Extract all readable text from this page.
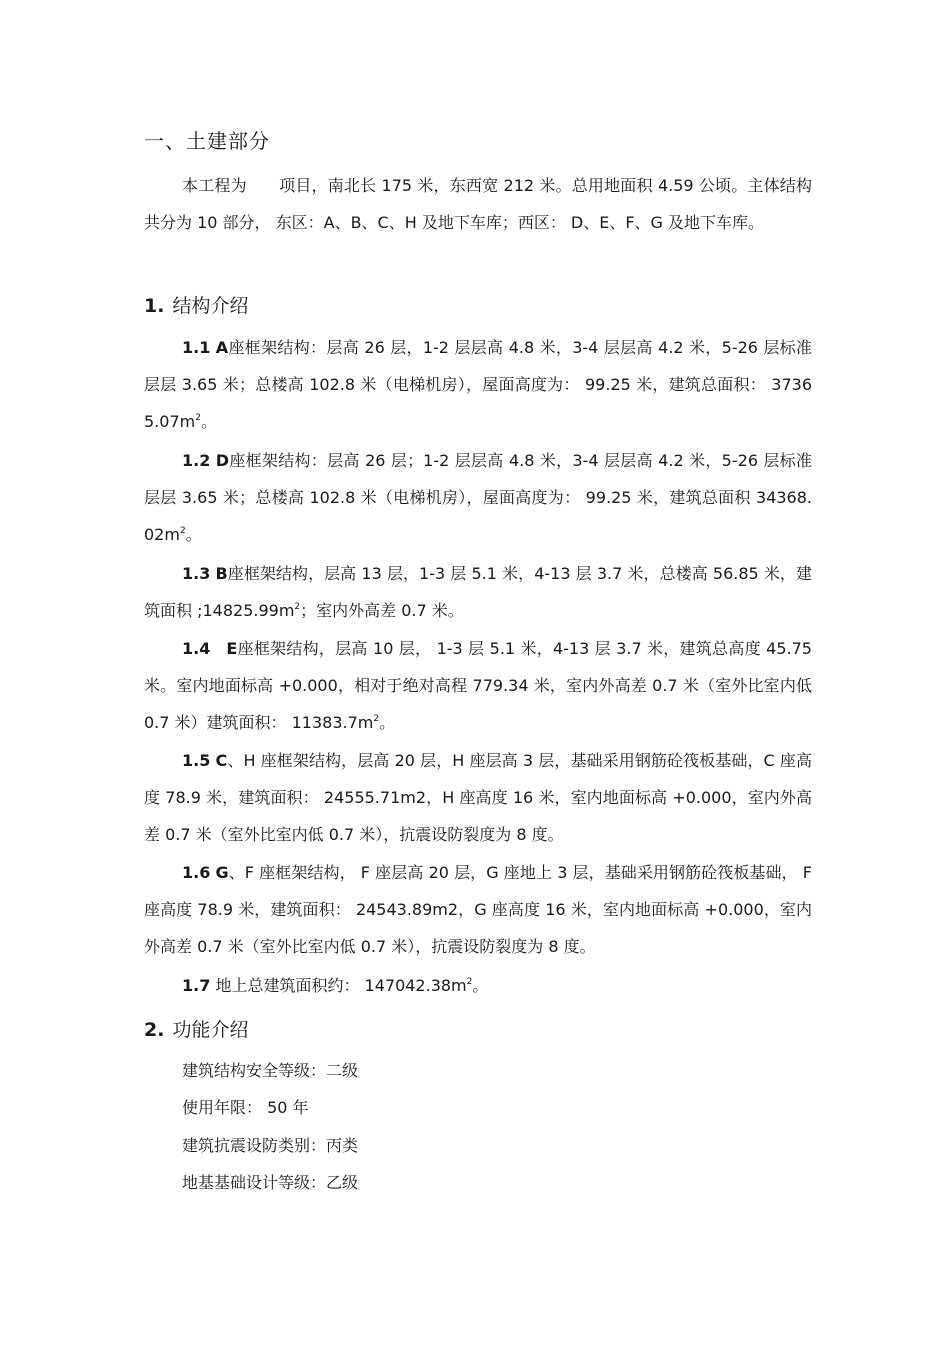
一、土建部分
本工程为　　项目，南北长 175 米，东西宽 212 米。总用地面积 4.59 公顷。主体结构共分为 10 部分， 东区：A、B、C、H 及地下车库；西区： D、E、F、G 及地下车库。
1. 结构介绍
1.1 A座框架结构：层高 26 层，1-2 层层高 4.8 米，3-4 层层高 4.2 米，5-26 层标准层层 3.65 米；总楼高 102.8 米（电梯机房），屋面高度为： 99.25 米，建筑总面积： $37365.07m^2$。
1.2 D座框架结构：层高 26 层；1-2 层层高 4.8 米，3-4 层层高 4.2 米，5-26 层标准层层 3.65 米；总楼高 102.8 米（电梯机房），屋面高度为： 99.25 米，建筑总面积 $34368.02m^2$。
1.3 B座框架结构，层高 13 层，1-3 层 5.1 米，4-13 层 3.7 米，总楼高 56.85 米，建筑面积 $;14825.99m^2$；室内外高差 0.7 米。
1.4 E座框架结构，层高 10 层， 1-3 层 5.1 米，4-13 层 3.7 米，建筑总高度 45.75 米。室内地面标高 +0.000，相对于绝对高程 779.34 米，室内外高差 0.7 米（室外比室内低 0.7 米）建筑面积： $11383.7m^2$。
1.5 C、H 座框架结构，层高 20 层，H 座层高 3 层，基础采用钢筋砼筏板基础，C 座高度 78.9 米，建筑面积： 24555.71m2，H 座高度 16 米，室内地面标高 +0.000，室内外高差 0.7 米（室外比室内低 0.7 米），抗震设防裂度为 8 度。
1.6 G、F 座框架结构， F 座层高 20 层，G 座地上 3 层，基础采用钢筋砼筏板基础， F 座高度 78.9 米，建筑面积： 24543.89m2，G 座高度 16 米，室内地面标高 +0.000，室内外高差 0.7 米（室外比室内低 0.7 米），抗震设防裂度为 8 度。
1.7 地上总建筑面积约： $147042.38m^2$。
2. 功能介绍
建筑结构安全等级：二级
使用年限： 50 年
建筑抗震设防类别：丙类
地基基础设计等级：乙级
